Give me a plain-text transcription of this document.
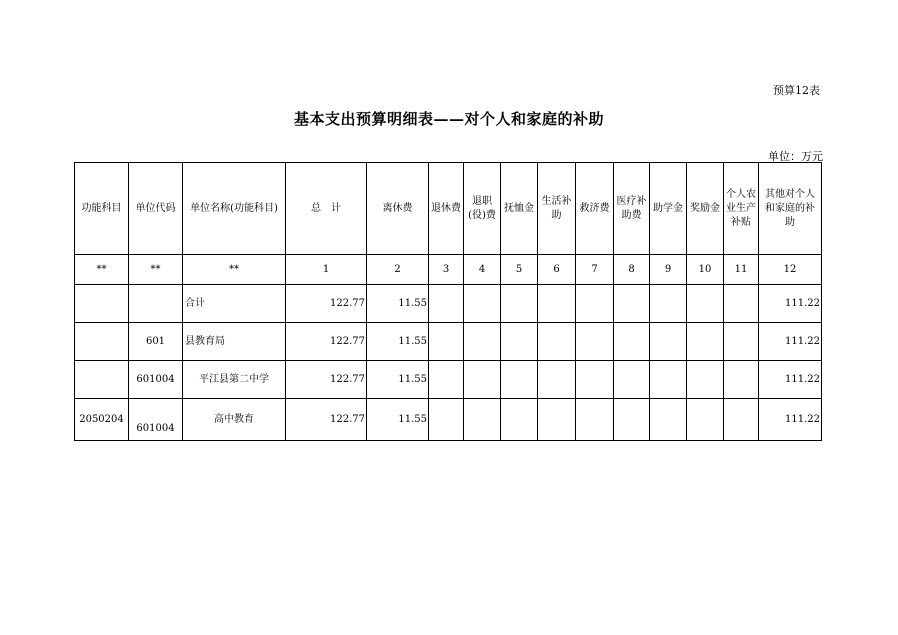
预算12表
基本支出预算明细表——对个人和家庭的补助
单位：万元
功能科目	单位代码	单位名称(功能科目)	总　计	离休费	退休费	退职(役)费	抚恤金	生活补助	救济费	医疗补助费	助学金	奖励金	个人农业生产补贴	其他对个人和家庭的补助
**	**	**	1	2	3	4	5	6	7	8	9	10	11	12
		合计	122.77	11.55										111.22
	601	县教育局	122.77	11.55										111.22
	601004	平江县第二中学	122.77	11.55										111.22
2050204	601004	高中教育	122.77	11.55										111.22
